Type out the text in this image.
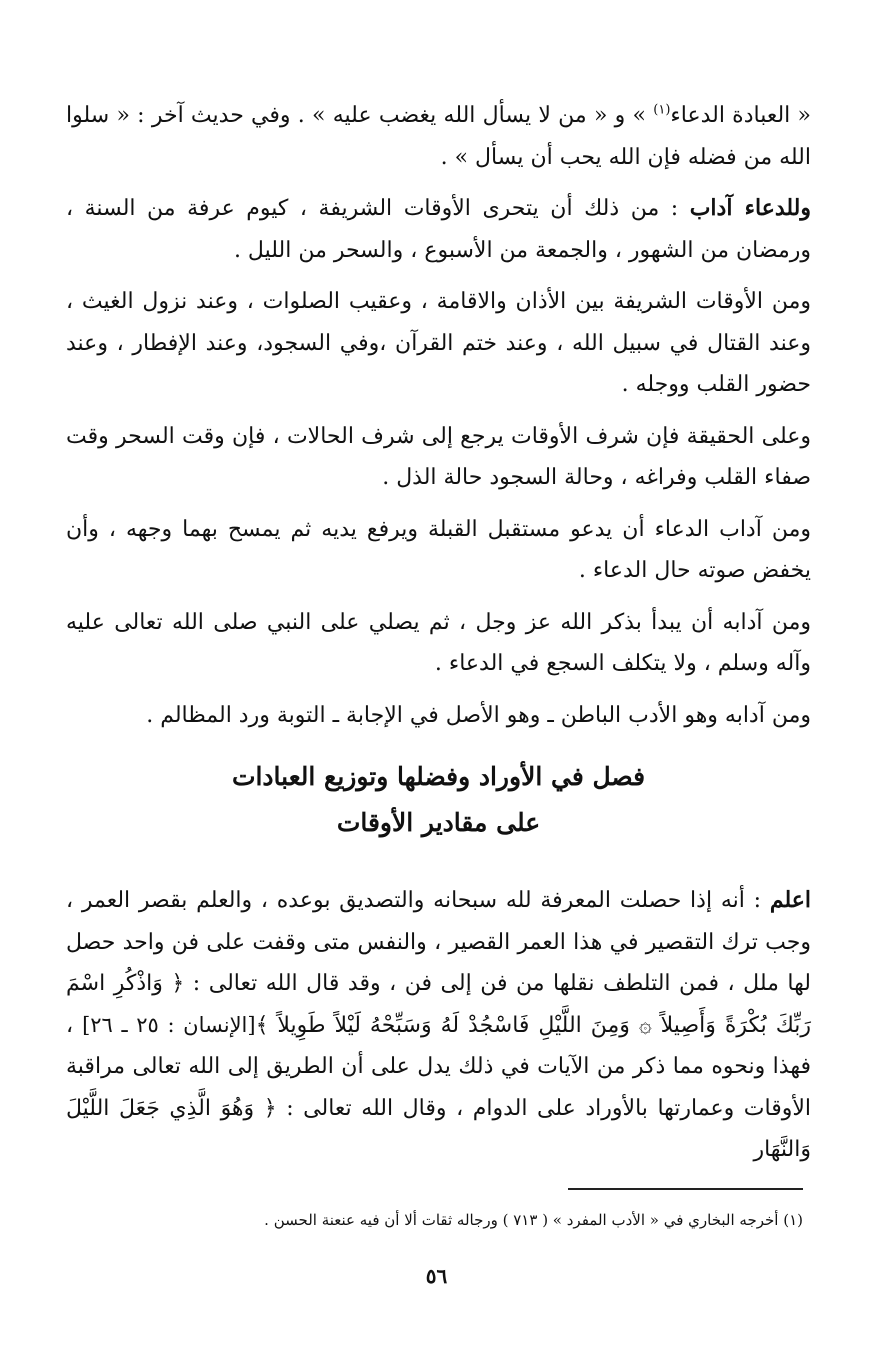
« العبادة الدعاء$^{(١)}$ » و « من لا يسأل الله يغضب عليه » . وفي حديث آخر : « سلوا الله من فضله فإن الله يحب أن يسأل » .

وللدعاء آداب : من ذلك أن يتحرى الأوقات الشريفة ، كيوم عرفة من السنة ، ورمضان من الشهور ، والجمعة من الأسبوع ، والسحر من الليل .

ومن الأوقات الشريفة بين الأذان والاقامة ، وعقيب الصلوات ، وعند نزول الغيث ، وعند القتال في سبيل الله ، وعند ختم القرآن ،وفي السجود، وعند الإفطار ، وعند حضور القلب ووجله .

وعلى الحقيقة فإن شرف الأوقات يرجع إلى شرف الحالات ، فإن وقت السحر وقت صفاء القلب وفراغه ، وحالة السجود حالة الذل .

ومن آداب الدعاء أن يدعو مستقبل القبلة ويرفع يديه ثم يمسح بهما وجهه ، وأن يخفض صوته حال الدعاء .

ومن آدابه أن يبدأ بذكر الله عز وجل ، ثم يصلي على النبي صلى الله تعالى عليه وآله وسلم ، ولا يتكلف السجع في الدعاء .

ومن آدابه وهو الأدب الباطن ـ وهو الأصل في الإجابة ـ التوبة ورد المظالم .

فصل في الأوراد وفضلها وتوزيع العبادات
على مقادير الأوقات

اعلم : أنه إذا حصلت المعرفة لله سبحانه والتصديق بوعده ، والعلم بقصر العمر ، وجب ترك التقصير في هذا العمر القصير ، والنفس متى وقفت على فن واحد حصل لها ملل ، فمن التلطف نقلها من فن إلى فن ، وقد قال الله تعالى : ﴿ وَاذْكُرِ اسْمَ رَبِّكَ بُكْرَةً وَأَصِيلاً ۞ وَمِنَ اللَّيْلِ فَاسْجُدْ لَهُ وَسَبِّحْهُ لَيْلاً طَوِيلاً ﴾[الإنسان : ٢٥ ـ ٢٦] ، فهذا ونحوه مما ذكر من الآيات في ذلك يدل على أن الطريق إلى الله تعالى مراقبة الأوقات وعمارتها بالأوراد على الدوام ، وقال الله تعالى : ﴿ وَهُوَ الَّذِي جَعَلَ اللَّيْلَ وَالنَّهَار

(١) أخرجه البخاري في « الأدب المفرد » ( ٧١٣ ) ورجاله ثقات ألا أن فيه عنعنة الحسن .
٥٦
